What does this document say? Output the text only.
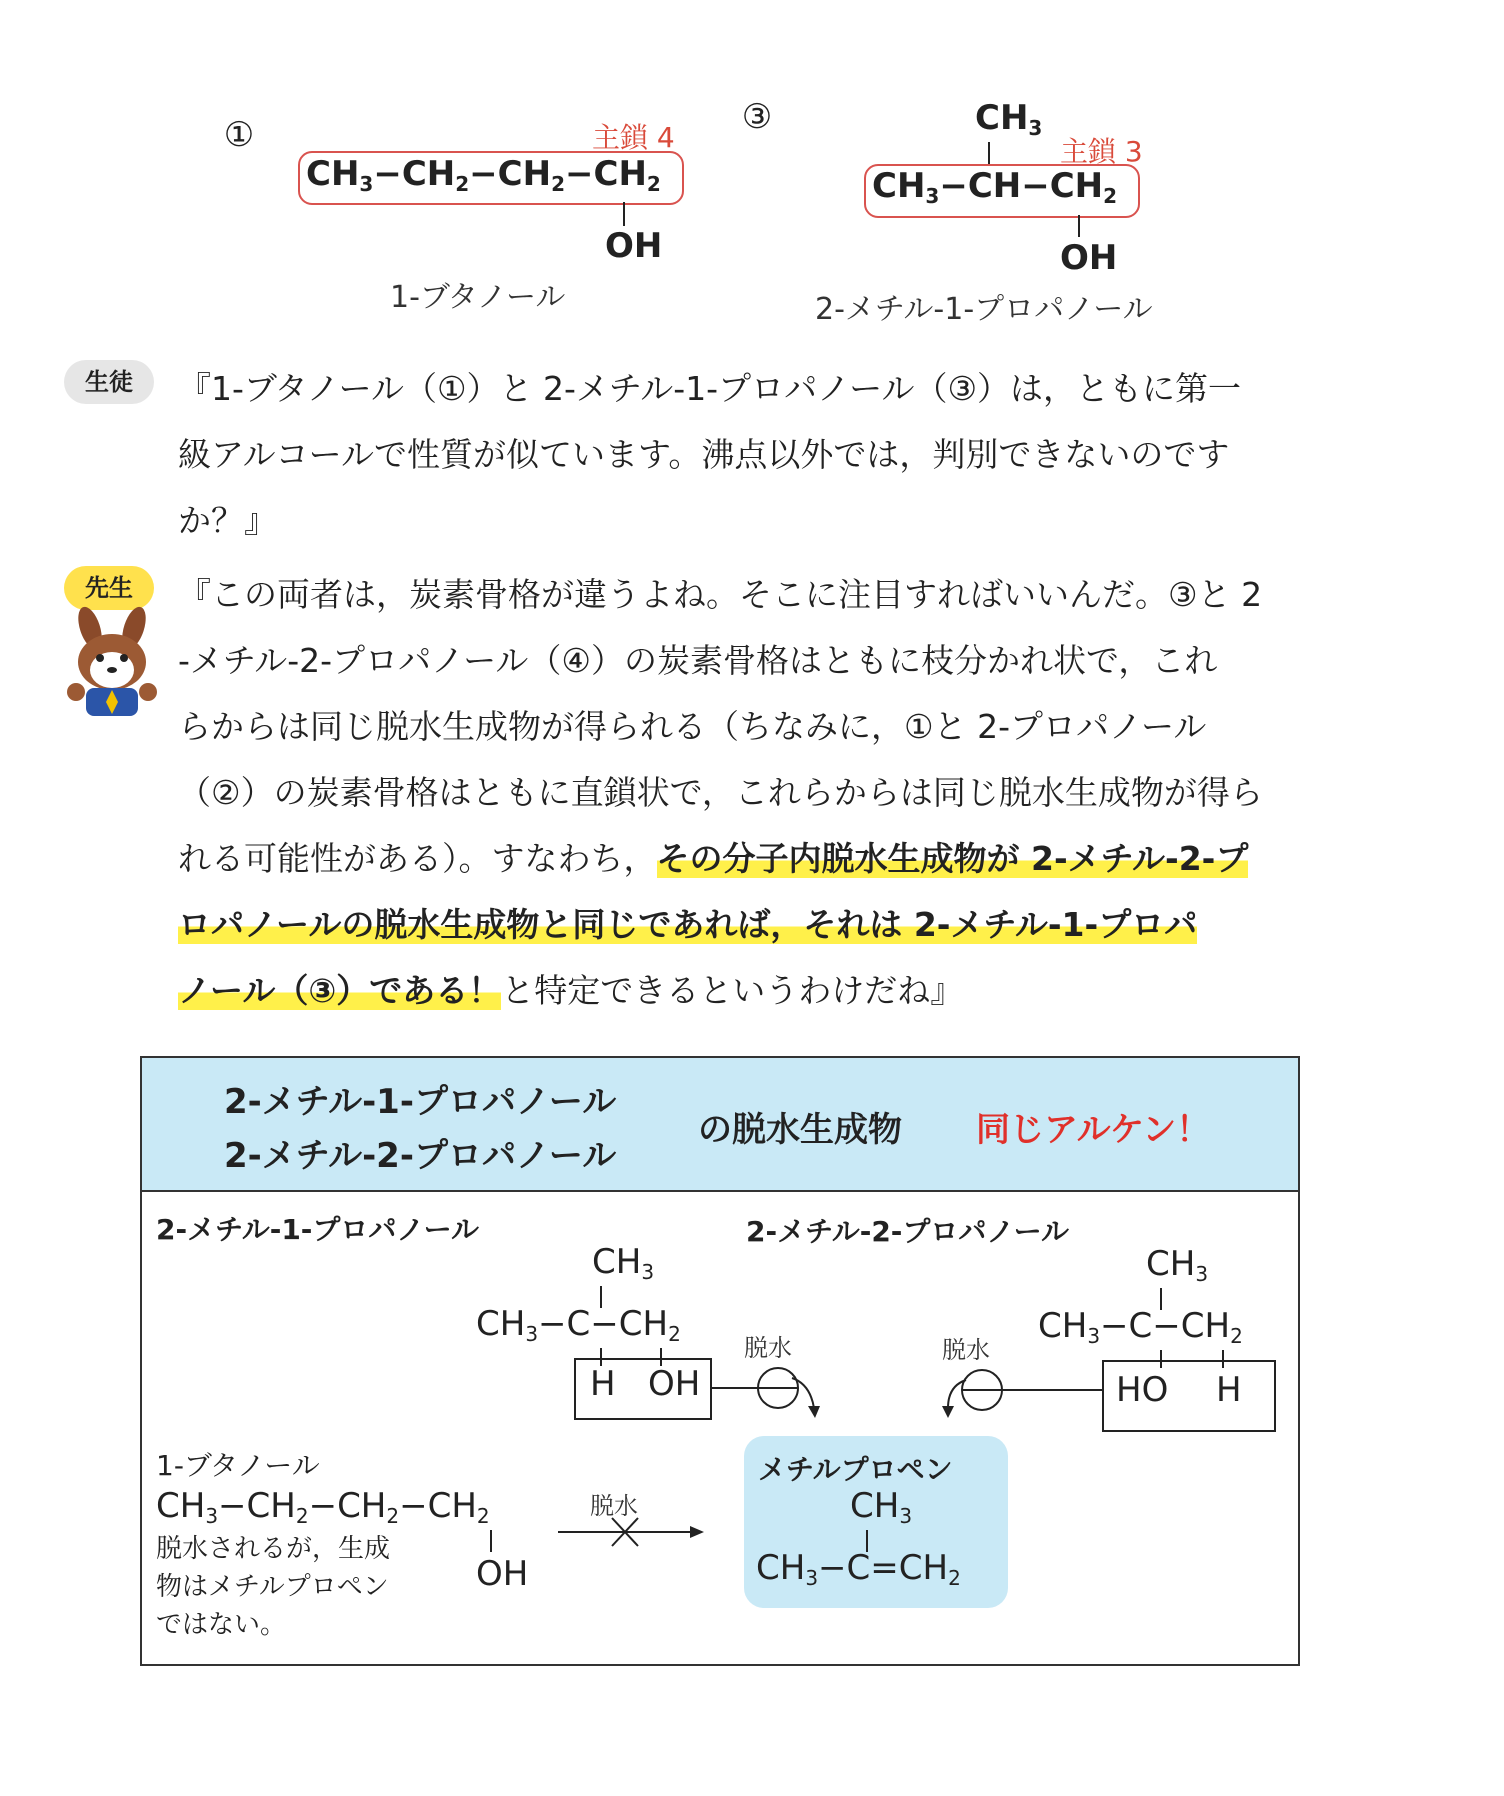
①	主鎖 4
$CH_3-CH_2-CH_2-CH_2$
OH
1-ブタノール
③	$CH_3$
主鎖 3
$CH_3-CH-CH_2$
OH
2-メチル-1-プロパノール
生徒	『1-ブタノール（①）と 2-メチル-1-プロパノール（③）は，ともに第一
級アルコールで性質が似ています。沸点以外では，判別できないのです
か？』
先生	『この両者は，炭素骨格が違うよね。そこに注目すればいいんだ。③と 2
-メチル-2-プロパノール（④）の炭素骨格はともに枝分かれ状で，これ
らからは同じ脱水生成物が得られる（ちなみに，①と 2-プロパノール
（②）の炭素骨格はともに直鎖状で，これらからは同じ脱水生成物が得ら
れる可能性がある）。すなわち，その分子内脱水生成物が 2-メチル-2-プ
ロパノールの脱水生成物と同じであれば，それは 2-メチル-1-プロパ
ノール（③）である！と特定できるというわけだね』
2-メチル-1-プロパノール
2-メチル-2-プロパノール
の脱水生成物 同じアルケン！
2-メチル-1-プロパノール	2-メチル-2-プロパノール
$CH_3$
$CH_3-C-CH_2$
H OH
$CH_3$
$CH_3-C-CH_2$
HO H
脱水	脱水
メチルプロペン
$CH_3$
$CH_3-C=CH_2$
1-ブタノール
$CH_3-CH_2-CH_2-CH_2$
OH
脱水されるが，生成
物はメチルプロペン
ではない。
脱水
